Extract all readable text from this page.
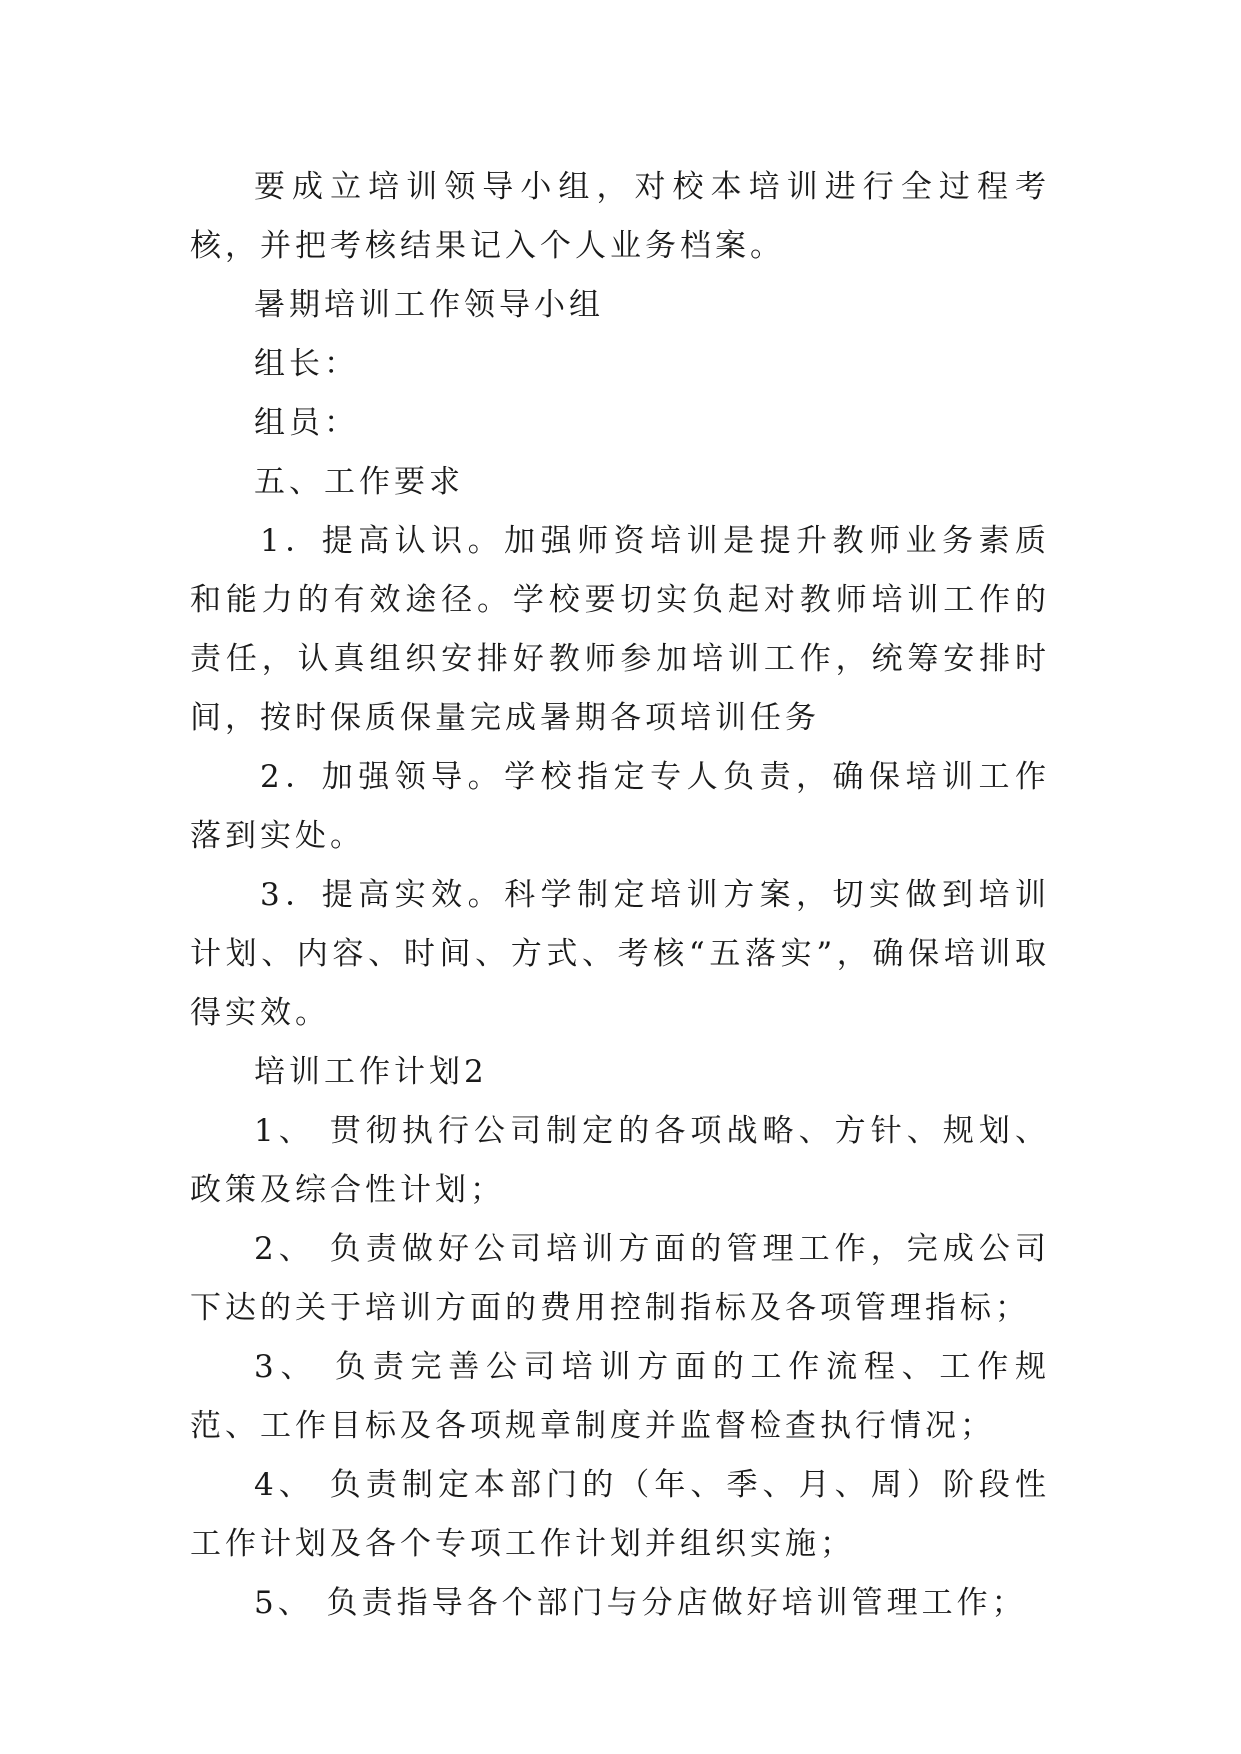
要成立培训领导小组，对校本培训进行全过程考核，并把考核结果记入个人业务档案。

暑期培训工作领导小组

组长：

组员：

五、工作要求

1．提高认识。加强师资培训是提升教师业务素质和能力的有效途径。学校要切实负起对教师培训工作的责任，认真组织安排好教师参加培训工作，统筹安排时间，按时保质保量完成暑期各项培训任务

2．加强领导。学校指定专人负责，确保培训工作落到实处。

3．提高实效。科学制定培训方案，切实做到培训计划、内容、时间、方式、考核“五落实”，确保培训取得实效。

培训工作计划2

1、 贯彻执行公司制定的各项战略、方针、规划、政策及综合性计划；

2、 负责做好公司培训方面的管理工作，完成公司下达的关于培训方面的费用控制指标及各项管理指标；

3、 负责完善公司培训方面的工作流程、工作规范、工作目标及各项规章制度并监督检查执行情况；

4、 负责制定本部门的（年、季、月、周）阶段性工作计划及各个专项工作计划并组织实施；

5、 负责指导各个部门与分店做好培训管理工作；
